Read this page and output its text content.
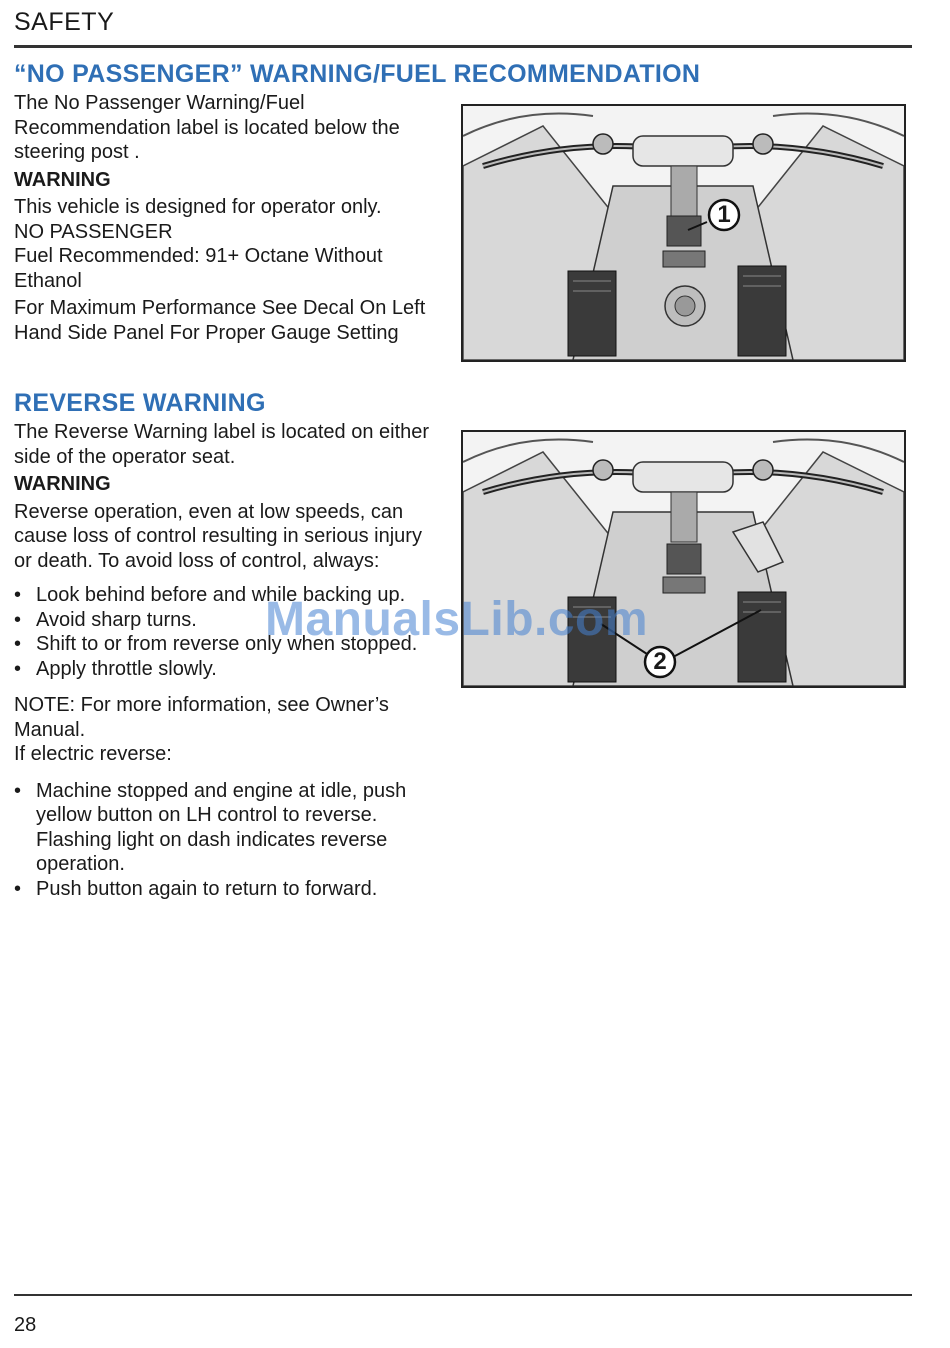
SAFETY
“NO PASSENGER” WARNING/FUEL RECOMMENDATION

The No Passenger Warning/Fuel Recommendation label is located below the steering post .

WARNING

This vehicle is designed for operator only.

NO PASSENGER

Fuel Recommended: 91+ Octane Without Ethanol

For Maximum Performance See Decal On Left Hand Side Panel For Proper Gauge Setting

1
REVERSE WARNING

The Reverse Warning label is located on either side of the operator seat.

WARNING

Reverse operation, even at low speeds, can cause loss of control resulting in serious injury or death. To avoid loss of control, always:

• Look behind before and while backing up.
• Avoid sharp turns.
• Shift to or from reverse only when stopped.
• Apply throttle slowly.

NOTE: For more information, see Owner’s Manual.

If electric reverse:

• Machine stopped and engine at idle, push yellow button on LH control to reverse. Flashing light on dash indicates reverse operation.
• Push button again to return to forward.
2
ManualsLib.com
28
